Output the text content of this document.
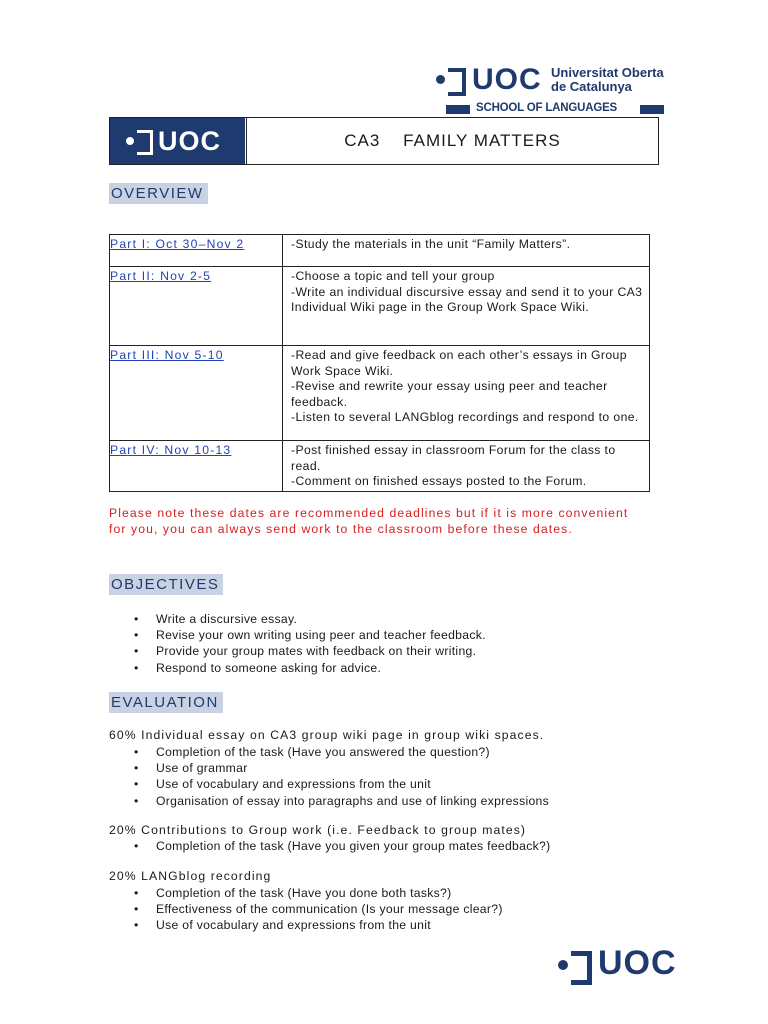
UOC Universitat Oberta
de Catalunya
SCHOOL OF LANGUAGES
UOC	CA3    FAMILY MATTERS
OVERVIEW
Part I: Oct 30–Nov 2	-Study the materials in the unit “Family Matters”.

Part II: Nov 2-5	-Choose a topic and tell your group
-Write an individual discursive essay and send it to your CA3 Individual Wiki page in the Group Work Space Wiki.

Part III: Nov 5-10	-Read and give feedback on each other’s essays in Group Work Space Wiki.
-Revise and rewrite your essay using peer and teacher feedback.
-Listen to several LANGblog recordings and respond to one.

Part IV: Nov 10-13	-Post finished essay in classroom Forum for the class to read.
-Comment on finished essays posted to the Forum.
Please note these dates are recommended deadlines but if it is more convenient for you, you can always send work to the classroom before these dates.
OBJECTIVES
• Write a discursive essay.
• Revise your own writing using peer and teacher feedback.
• Provide your group mates with feedback on their writing.
• Respond to someone asking for advice.
EVALUATION
60% Individual essay on CA3 group wiki page in group wiki spaces.
• Completion of the task (Have you answered the question?)
• Use of grammar
• Use of vocabulary and expressions from the unit
• Organisation of essay into paragraphs and use of linking expressions
20% Contributions to Group work (i.e. Feedback to group mates)
• Completion of the task (Have you given your group mates feedback?)
20% LANGblog recording
• Completion of the task (Have you done both tasks?)
• Effectiveness of the communication (Is your message clear?)
• Use of vocabulary and expressions from the unit
UOC
